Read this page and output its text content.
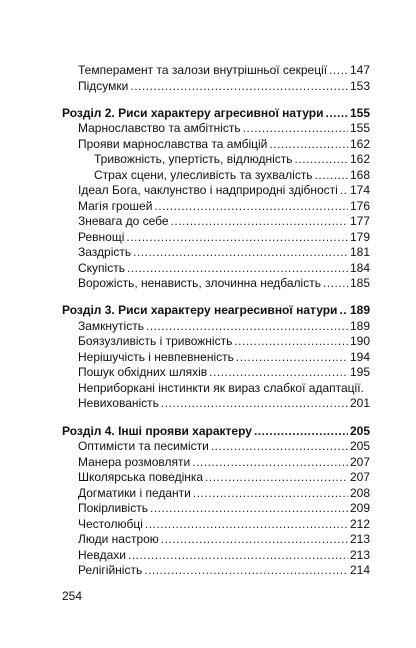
Темперамент та залози внутрішньої секреції ..... 147
Підсумки .....	153
Розділ 2. Риси характеру агресивної натури ..... 155
Марнославство та амбітність .....	155
Прояви марнославства та амбіцій .....	162
Тривожність, упертість, відлюдність .....	162
Страх сцени, улесливість та зухвалість .....	168
Ідеал Бога, чаклунство і надприродні здібності ..... 174
Магія грошей .....	176
Зневага до себе .....	177
Ревнощі .....	179
Заздрість .....	181
Скупість .....	184
Ворожість, ненависть, злочинна недбалість ..... 185
Розділ 3. Риси характеру неагресивної натури ..... 189
Замкнутість .....	189
Боязузливість і тривожність .....	190
Нерішучість і невпевненість .....	194
Пошук обхідних шляхів .....	195
Неприборкані інстинкти як вираз слабкої адаптації.
Невихованість .....	201
Розділ 4. Інші прояви характеру .....	205
Оптимісти та песимісти .....	205
Манера розмовляти .....	207
Школярська поведінка .....	207
Догматики і педанти .....	208
Покірливість .....	209
Честолюбці .....	212
Люди настрою .....	213
Невдахи .....	213
Релігійність .....	214
254
